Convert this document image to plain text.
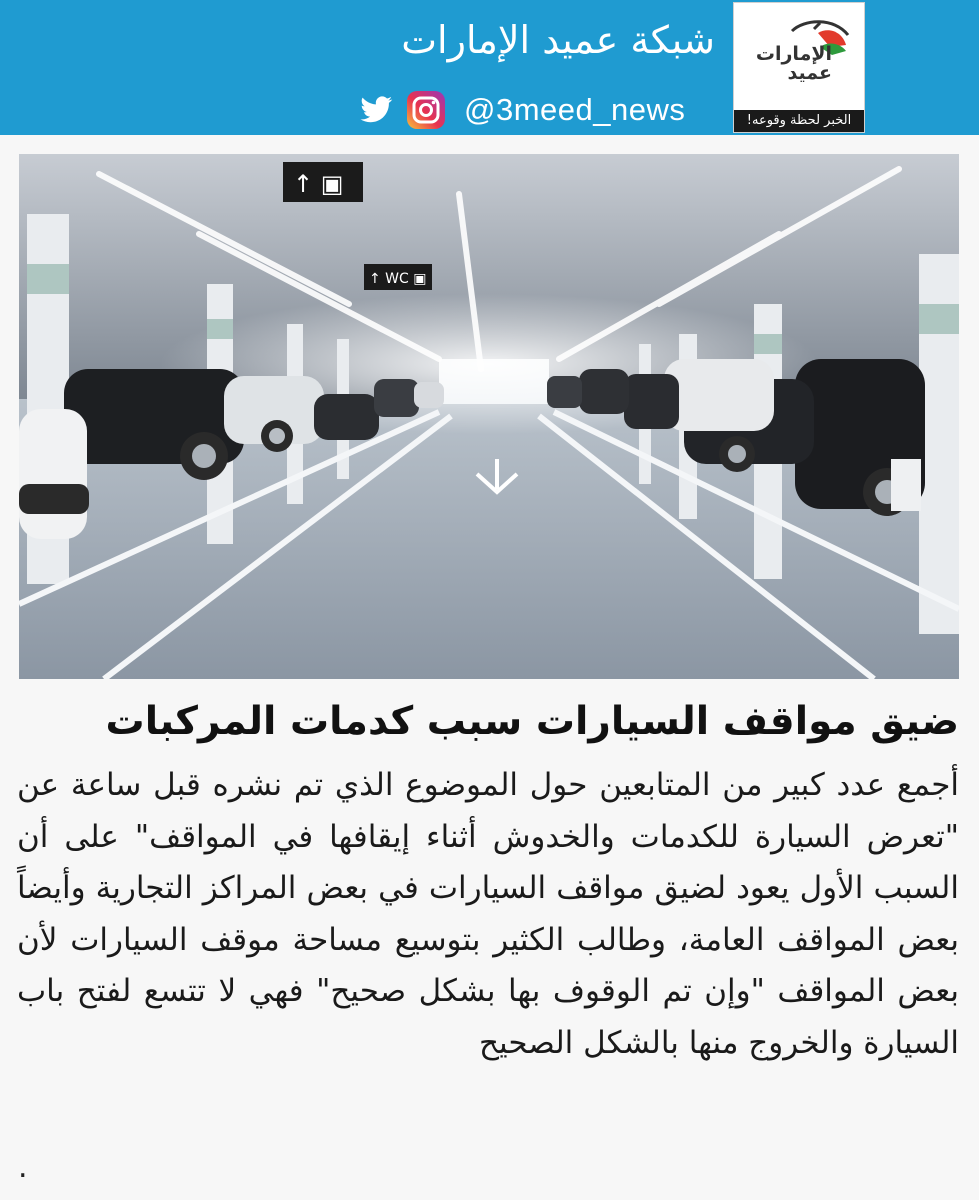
شبكة عميد الإمارات
@3meed_news
الإمارات
عميد
الخبر لحظة وقوعه!
↑ ▣
↑ WC ▣
ضيق مواقف السيارات سبب كدمات المركبات
أجمع عدد كبير من المتابعين حول الموضوع الذي تم نشره قبل ساعة عن "تعرض السيارة للكدمات والخدوش أثناء إيقافها في المواقف" على أن السبب الأول يعود لضيق مواقف السيارات في بعض المراكز التجارية وأيضاً بعض المواقف العامة، وطالب الكثير بتوسيع مساحة موقف السيارات لأن بعض المواقف "وإن تم الوقوف بها بشكل صحيح" فهي لا تتسع لفتح باب السيارة والخروج منها بالشكل الصحيح
.
